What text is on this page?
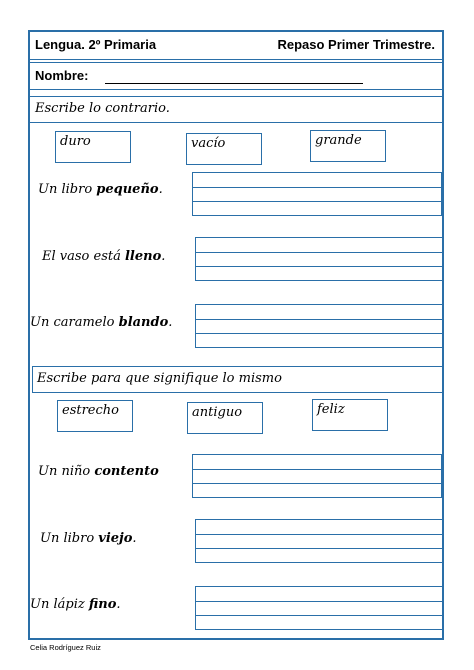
Lengua. 2º Primaria	Repaso Primer Trimestre.
Nombre:
Escribe lo contrario.
duro	vacío	grande
Un libro pequeño.
El vaso está lleno.
Un caramelo blando.
Escribe para que signifique lo mismo
estrecho	antiguo	feliz
Un niño contento
Un libro viejo.
Un lápiz fino.
Celia Rodríguez Ruiz
